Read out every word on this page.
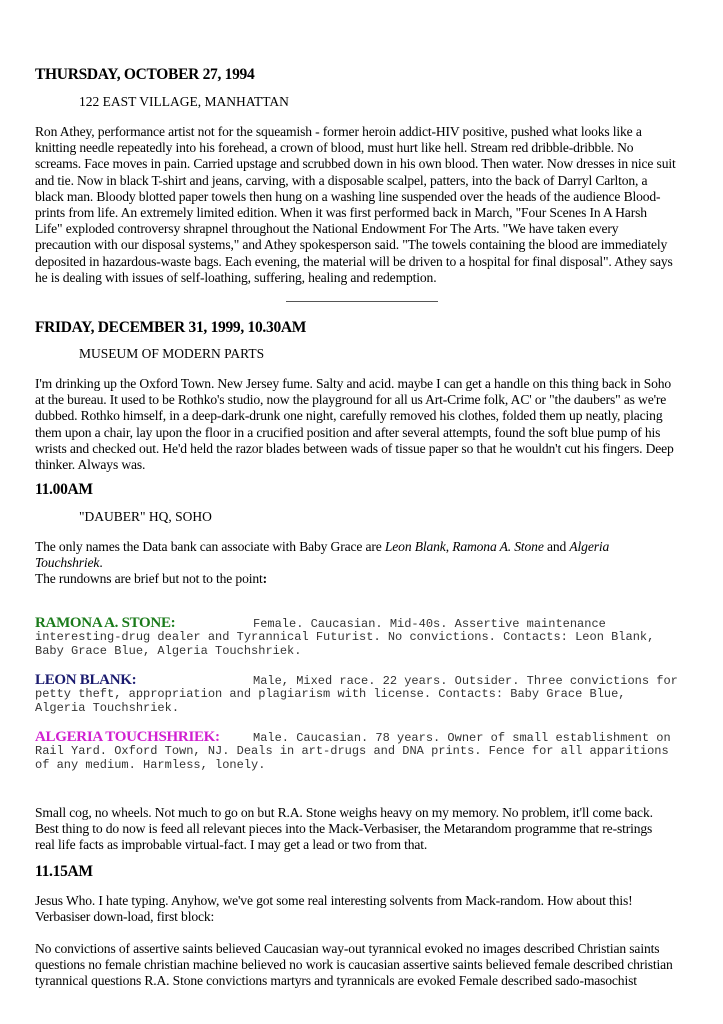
THURSDAY, OCTOBER 27, 1994
122 EAST VILLAGE, MANHATTAN
Ron Athey, performance artist not for the squeamish - former heroin addict-HIV positive, pushed what looks like a
knitting needle repeatedly into his forehead, a crown of blood, must hurt like hell. Stream red dribble-dribble. No
screams. Face moves in pain. Carried upstage and scrubbed down in his own blood. Then water. Now dresses in nice suit
and tie. Now in black T-shirt and jeans, carving, with a disposable scalpel, patters, into the back of Darryl Carlton, a
black man. Bloody blotted paper towels then hung on a washing line suspended over the heads of the audience Blood-
prints from life. An extremely limited edition. When it was first performed back in March, "Four Scenes In A Harsh
Life" exploded controversy shrapnel throughout the National Endowment For The Arts. "We have taken every
precaution with our disposal systems," and Athey spokesperson said. "The towels containing the blood are immediately
deposited in hazardous-waste bags. Each evening, the material will be driven to a hospital for final disposal". Athey says
he is dealing with issues of self-loathing, suffering, healing and redemption.
FRIDAY, DECEMBER 31, 1999, 10.30AM
MUSEUM OF MODERN PARTS
I'm drinking up the Oxford Town. New Jersey fume. Salty and acid. maybe I can get a handle on this thing back in Soho
at the bureau. It used to be Rothko's studio, now the playground for all us Art-Crime folk, AC' or "the daubers" as we're
dubbed. Rothko himself, in a deep-dark-drunk one night, carefully removed his clothes, folded them up neatly, placing
them upon a chair, lay upon the floor in a crucified position and after several attempts, found the soft blue pump of his
wrists and checked out. He'd held the razor blades between wads of tissue paper so that he wouldn't cut his fingers. Deep
thinker. Always was.
11.00AM
"DAUBER" HQ, SOHO
The only names the Data bank can associate with Baby Grace are Leon Blank, Ramona A. Stone and Algeria
Touchshriek.
The rundowns are brief but not to the point:
RAMONA A. STONE:	Female. Caucasian. Mid-40s. Assertive maintenance
interesting-drug dealer and Tyrannical Futurist. No convictions. Contacts: Leon Blank,
Baby Grace Blue, Algeria Touchshriek.
LEON BLANK:	Male, Mixed race. 22 years. Outsider. Three convictions for
petty theft, appropriation and plagiarism with license. Contacts: Baby Grace Blue,
Algeria Touchshriek.
ALGERIA TOUCHSHRIEK:	Male. Caucasian. 78 years. Owner of small establishment on
Rail Yard. Oxford Town, NJ. Deals in art-drugs and DNA prints. Fence for all apparitions
of any medium. Harmless, lonely.
Small cog, no wheels. Not much to go on but R.A. Stone weighs heavy on my memory. No problem, it'll come back.
Best thing to do now is feed all relevant pieces into the Mack-Verbasiser, the Metarandom programme that re-strings
real life facts as improbable virtual-fact. I may get a lead or two from that.
11.15AM
Jesus Who. I hate typing. Anyhow, we've got some real interesting solvents from Mack-random. How about this!
Verbasiser down-load, first block:
No convictions of assertive saints believed Caucasian way-out tyrannical evoked no images described Christian saints
questions no female christian machine believed no work is caucasian assertive saints believed female described christian
tyrannical questions R.A. Stone convictions martyrs and tyrannicals are evoked Female described sado-masochist
